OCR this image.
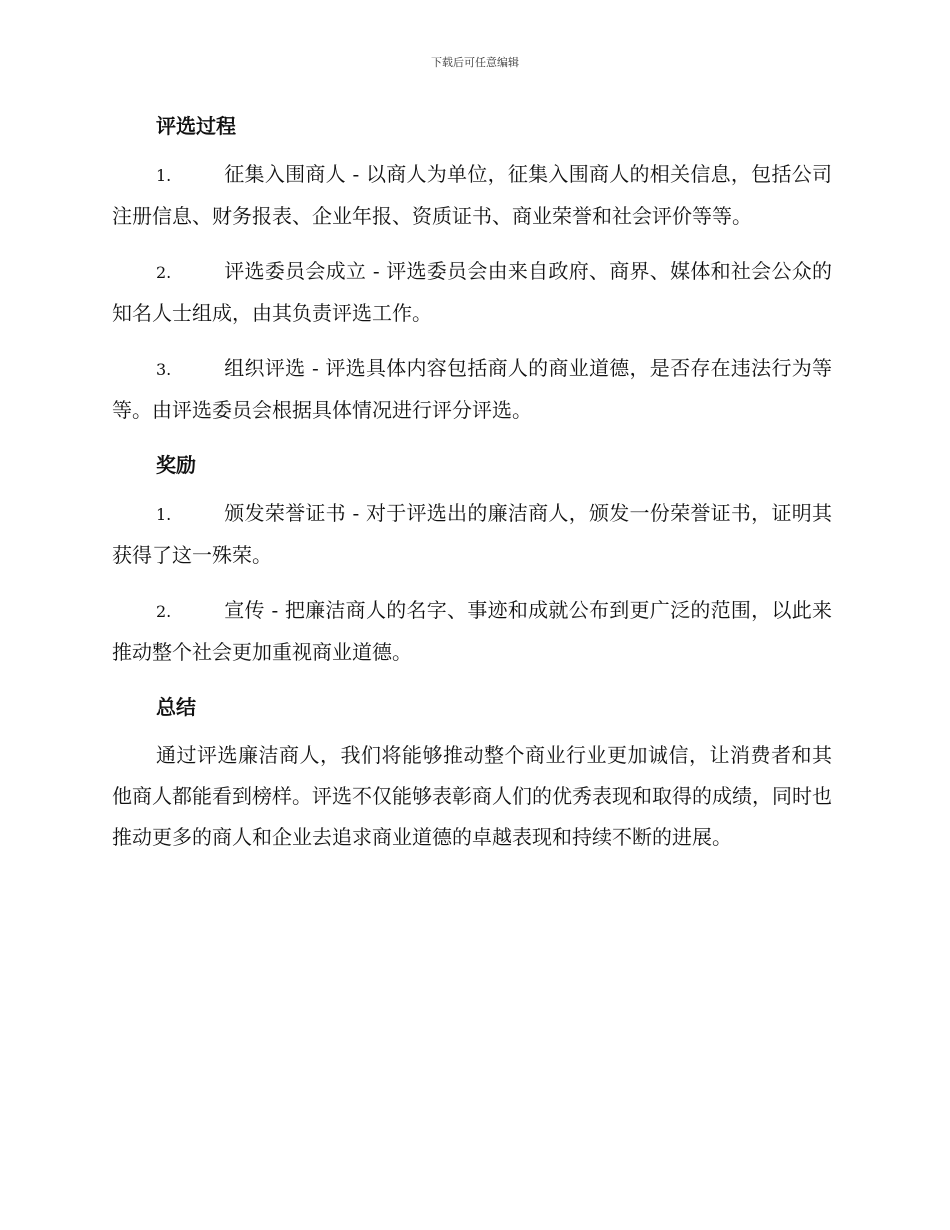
下载后可任意编辑
评选过程

1.	征集入围商人 - 以商人为单位，征集入围商人的相关信息，包括公司注册信息、财务报表、企业年报、资质证书、商业荣誉和社会评价等等。

2.	评选委员会成立 - 评选委员会由来自政府、商界、媒体和社会公众的知名人士组成，由其负责评选工作。

3.	组织评选 - 评选具体内容包括商人的商业道德，是否存在违法行为等等。由评选委员会根据具体情况进行评分评选。

奖励

1.	颁发荣誉证书 - 对于评选出的廉洁商人，颁发一份荣誉证书，证明其获得了这一殊荣。

2.	宣传 - 把廉洁商人的名字、事迹和成就公布到更广泛的范围，以此来推动整个社会更加重视商业道德。

总结

通过评选廉洁商人，我们将能够推动整个商业行业更加诚信，让消费者和其他商人都能看到榜样。评选不仅能够表彰商人们的优秀表现和取得的成绩，同时也推动更多的商人和企业去追求商业道德的卓越表现和持续不断的进展。
